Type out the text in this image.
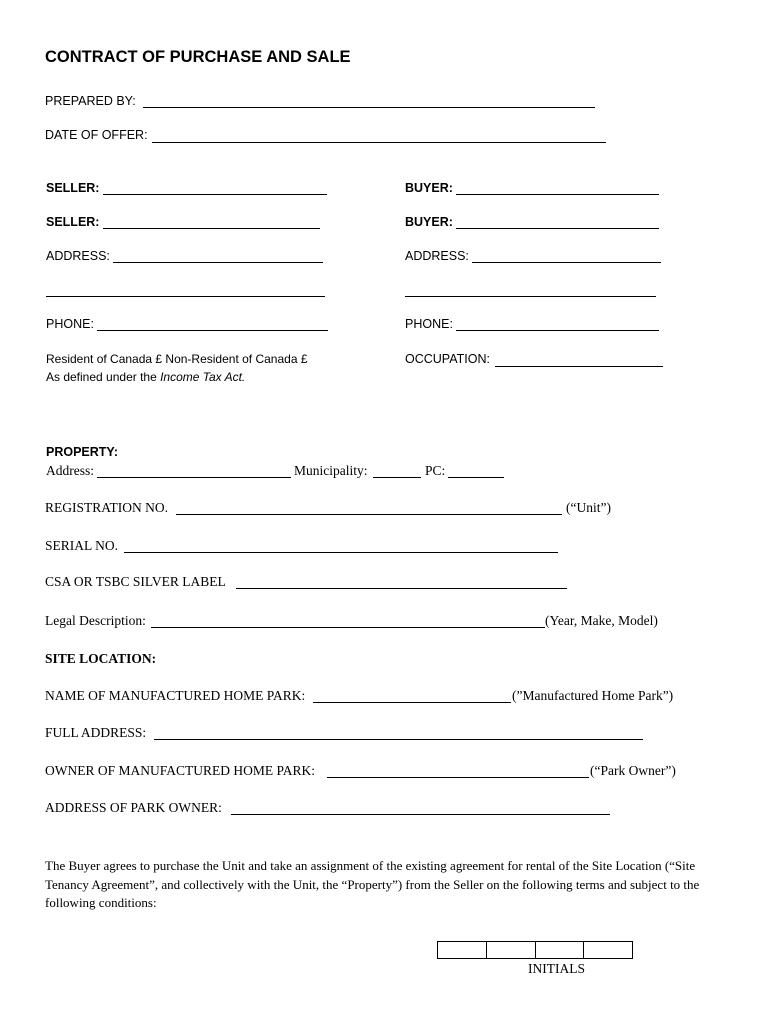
CONTRACT OF PURCHASE AND SALE
PREPARED BY:
DATE OF OFFER:
SELLER:	BUYER:
SELLER:	BUYER:
ADDRESS:	ADDRESS:
PHONE:	PHONE:
Resident of Canada £ Non-Resident of Canada £
As defined under the Income Tax Act.
OCCUPATION:
PROPERTY:
Address:	Municipality:	PC:
REGISTRATION NO.	(“Unit”)
SERIAL NO.
CSA OR TSBC SILVER LABEL
Legal Description:	(Year, Make, Model)
SITE LOCATION:
NAME OF MANUFACTURED HOME PARK:	(”Manufactured Home Park”)
FULL ADDRESS:
OWNER OF MANUFACTURED HOME PARK:	(“Park Owner”)
ADDRESS OF PARK OWNER:
The Buyer agrees to purchase the Unit and take an assignment of the existing agreement for rental of the Site Location (“Site Tenancy Agreement”, and collectively with the Unit, the “Property”) from the Seller on the following terms and subject to the following conditions:
INITIALS
